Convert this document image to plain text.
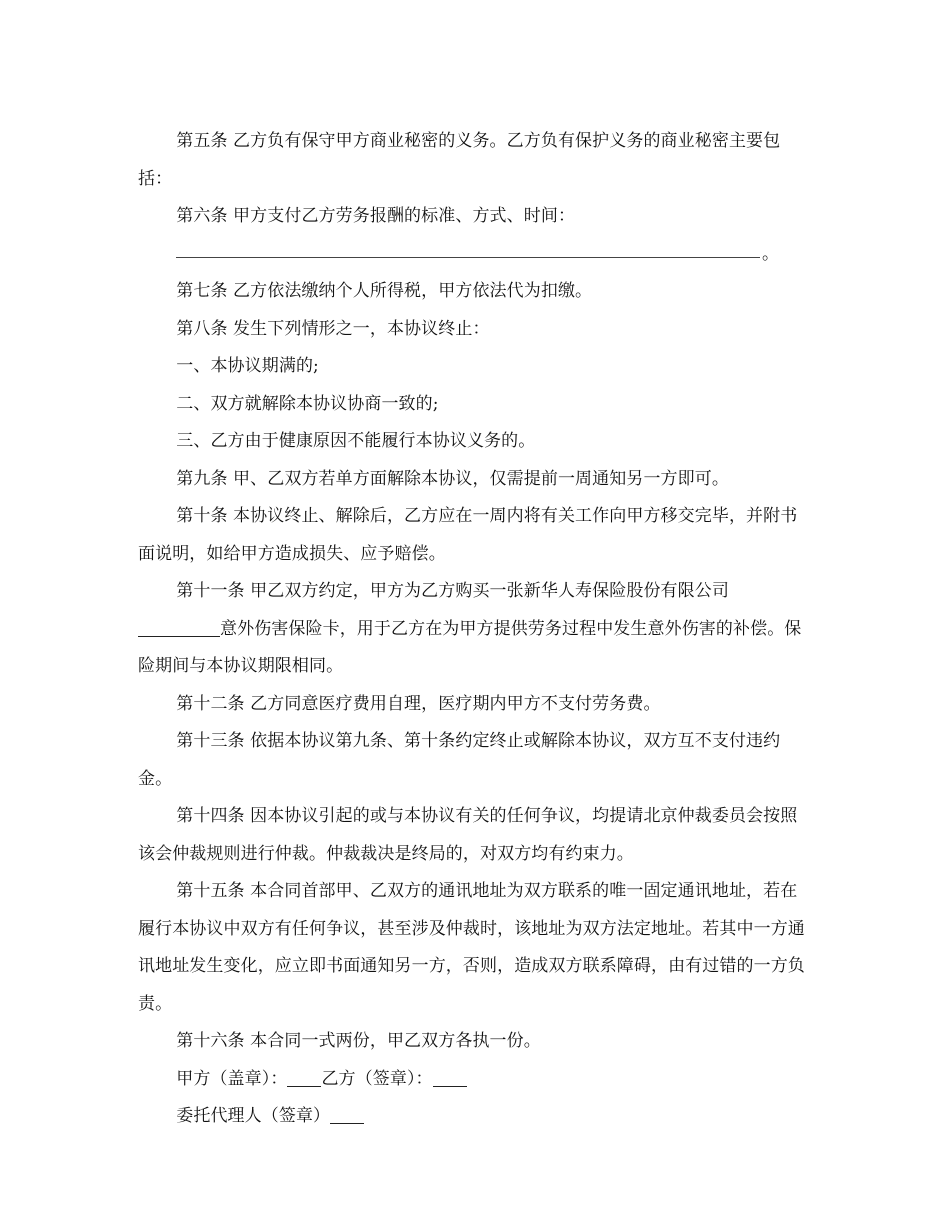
第五条 乙方负有保守甲方商业秘密的义务。乙方负有保护义务的商业秘密主要包括：

第六条 甲方支付乙方劳务报酬的标准、方式、时间：

。

第七条 乙方依法缴纳个人所得税，甲方依法代为扣缴。

第八条 发生下列情形之一，本协议终止：

一、本协议期满的;

二、双方就解除本协议协商一致的;

三、乙方由于健康原因不能履行本协议义务的。

第九条 甲、乙双方若单方面解除本协议，仅需提前一周通知另一方即可。

第十条 本协议终止、解除后，乙方应在一周内将有关工作向甲方移交完毕，并附书面说明，如给甲方造成损失、应予赔偿。

第十一条 甲乙双方约定，甲方为乙方购买一张新华人寿保险股份有限公司意外伤害保险卡，用于乙方在为甲方提供劳务过程中发生意外伤害的补偿。保险期间与本协议期限相同。

第十二条 乙方同意医疗费用自理，医疗期内甲方不支付劳务费。

第十三条 依据本协议第九条、第十条约定终止或解除本协议，双方互不支付违约金。

第十四条 因本协议引起的或与本协议有关的任何争议，均提请北京仲裁委员会按照该会仲裁规则进行仲裁。仲裁裁决是终局的，对双方均有约束力。

第十五条 本合同首部甲、乙双方的通讯地址为双方联系的唯一固定通讯地址，若在履行本协议中双方有任何争议，甚至涉及仲裁时，该地址为双方法定地址。若其中一方通讯地址发生变化，应立即书面通知另一方，否则，造成双方联系障碍，由有过错的一方负责。

第十六条 本合同一式两份，甲乙双方各执一份。

甲方（盖章）： 乙方（签章）：

委托代理人（签章）
